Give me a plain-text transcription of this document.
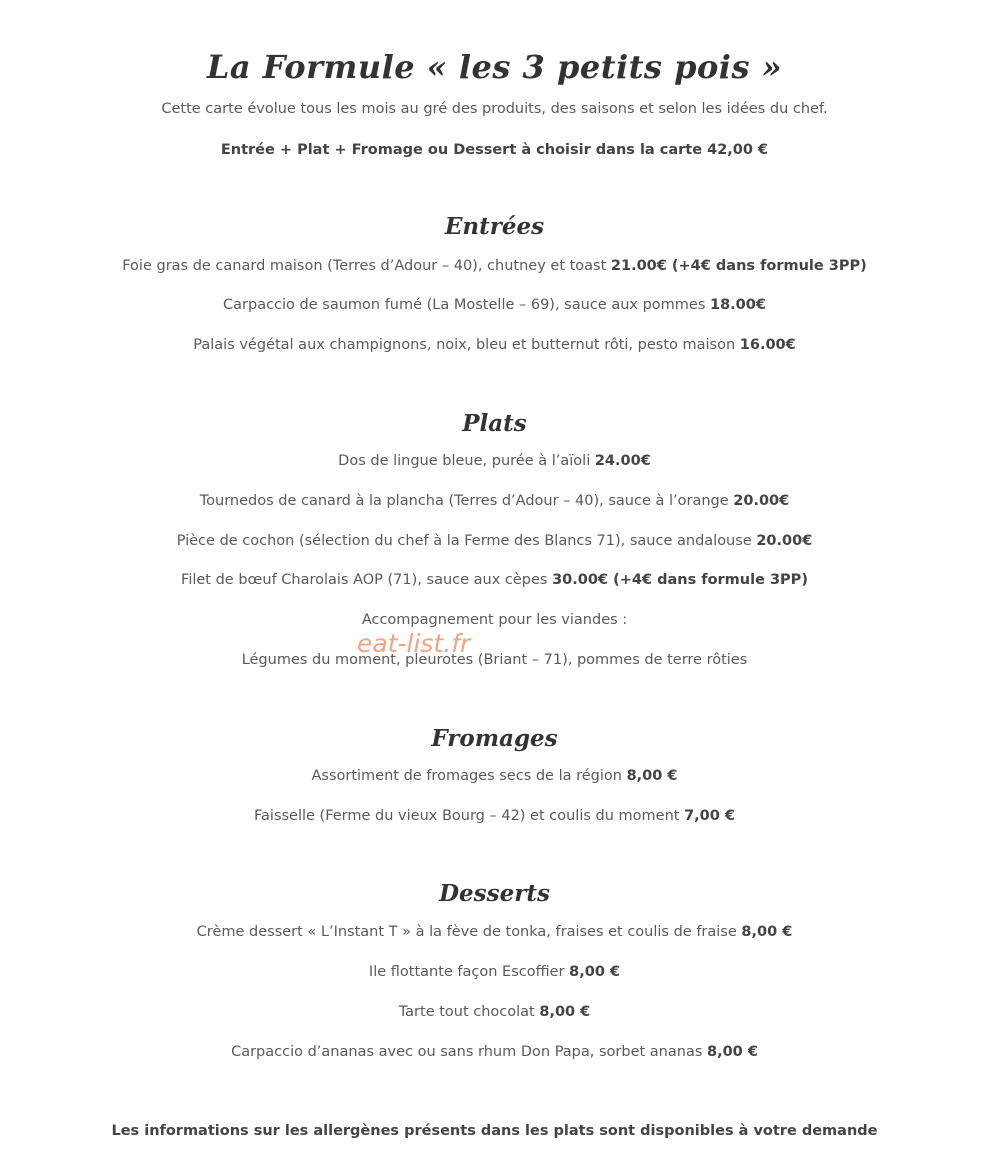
La Formule « les 3 petits pois »
Cette carte évolue tous les mois au gré des produits, des saisons et selon les idées du chef.
Entrée + Plat + Fromage ou Dessert à choisir dans la carte 42,00 €
Entrées
Foie gras de canard maison (Terres d’Adour – 40), chutney et toast 21.00€ (+4€ dans formule 3PP)
Carpaccio de saumon fumé (La Mostelle – 69), sauce aux pommes 18.00€
Palais végétal aux champignons, noix, bleu et butternut rôti, pesto maison 16.00€
Plats
Dos de lingue bleue, purée à l’aïoli 24.00€
Tournedos de canard à la plancha (Terres d’Adour – 40), sauce à l’orange 20.00€
Pièce de cochon (sélection du chef à la Ferme des Blancs 71), sauce andalouse 20.00€
Filet de bœuf Charolais AOP (71), sauce aux cèpes 30.00€ (+4€ dans formule 3PP)
Accompagnement pour les viandes :
Légumes du moment, pleurotes (Briant – 71), pommes de terre rôties
Fromages
Assortiment de fromages secs de la région 8,00 €
Faisselle (Ferme du vieux Bourg – 42) et coulis du moment 7,00 €
Desserts
Crème dessert « L’Instant T » à la fève de tonka, fraises et coulis de fraise 8,00 €
Ile flottante façon Escoffier 8,00 €
Tarte tout chocolat 8,00 €
Carpaccio d’ananas avec ou sans rhum Don Papa, sorbet ananas 8,00 €
Les informations sur les allergènes présents dans les plats sont disponibles à votre demande
eat-list.fr
